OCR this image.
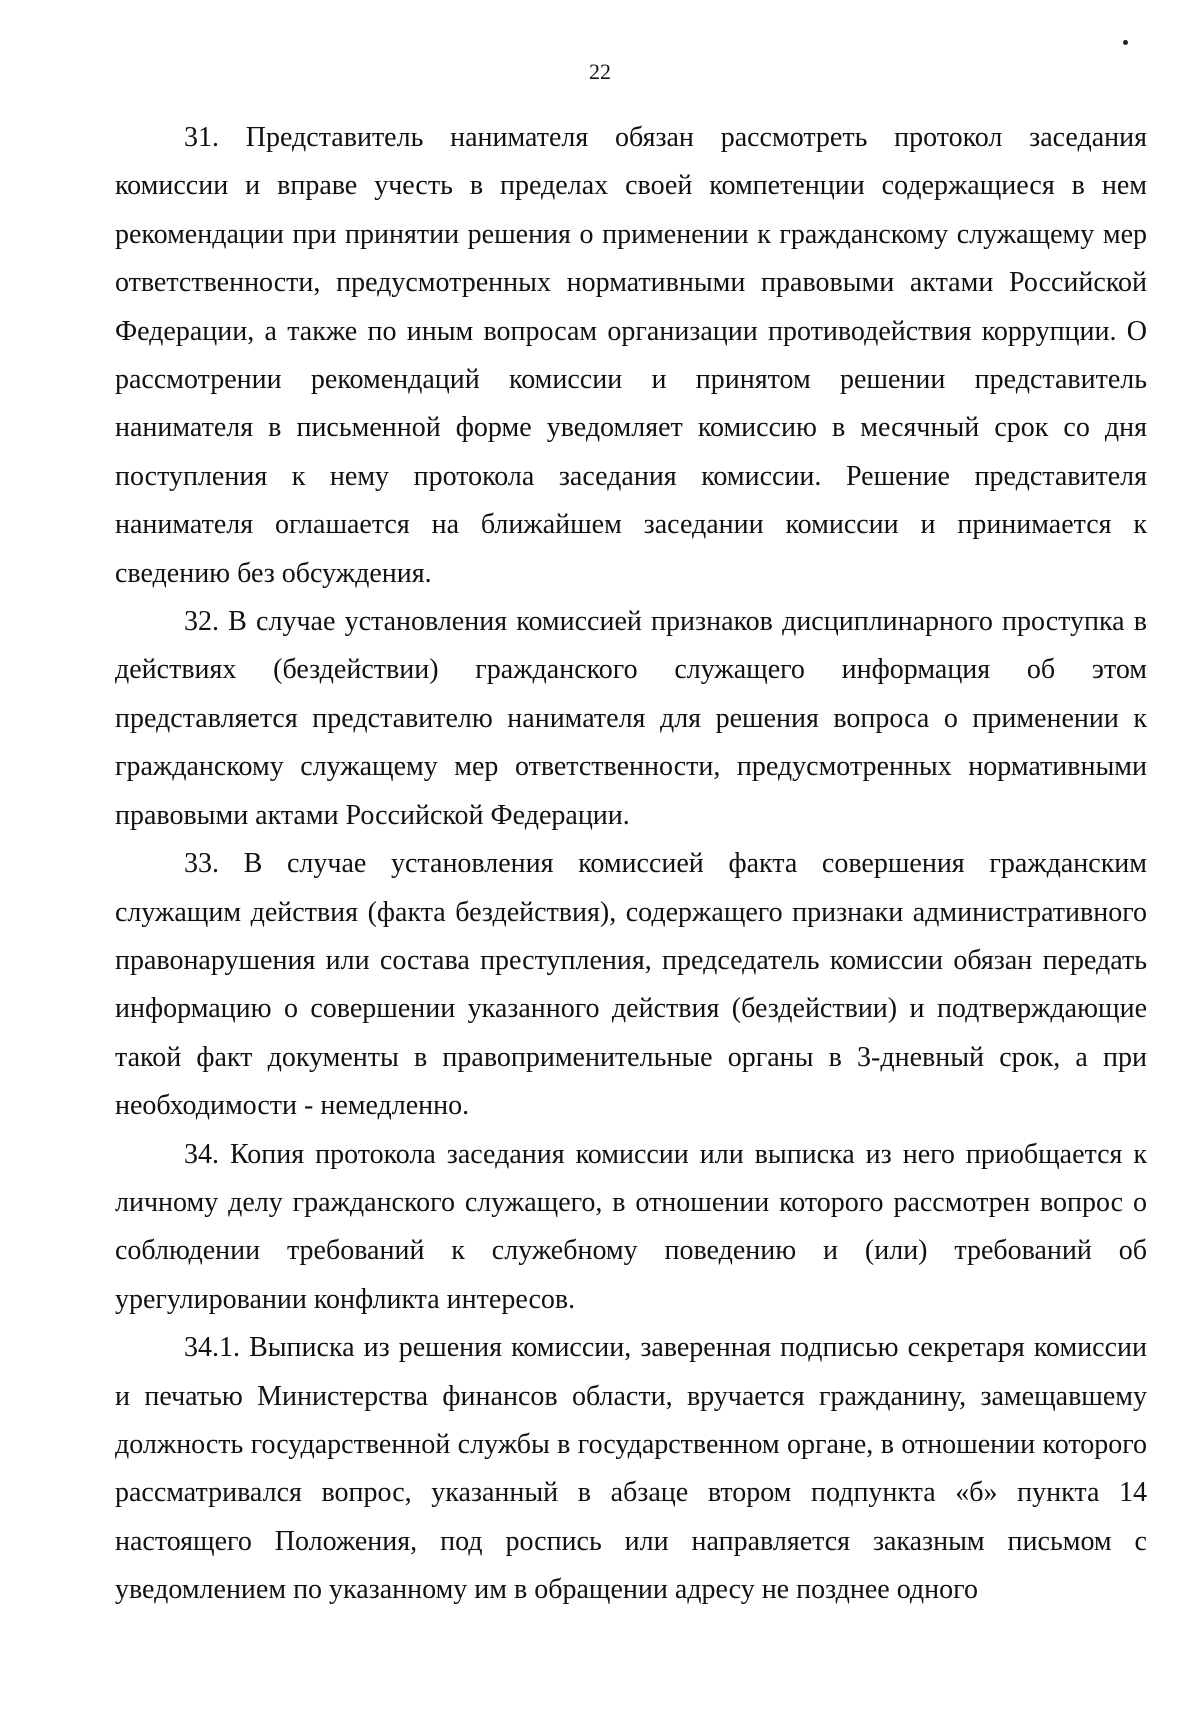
22

31. Представитель нанимателя обязан рассмотреть протокол заседания комиссии и вправе учесть в пределах своей компетенции содержащиеся в нем рекомендации при принятии решения о применении к гражданскому служащему мер ответственности, предусмотренных нормативными правовыми актами Российской Федерации, а также по иным вопросам организации противодействия коррупции. О рассмотрении рекомендаций комиссии и принятом решении представитель нанимателя в письменной форме уведомляет комиссию в месячный срок со дня поступления к нему протокола заседания комиссии. Решение представителя нанимателя оглашается на ближайшем заседании комиссии и принимается к сведению без обсуждения.

32. В случае установления комиссией признаков дисциплинарного проступка в действиях (бездействии) гражданского служащего информация об этом представляется представителю нанимателя для решения вопроса о применении к гражданскому служащему мер ответственности, предусмотренных нормативными правовыми актами Российской Федерации.

33. В случае установления комиссией факта совершения гражданским служащим действия (факта бездействия), содержащего признаки административного правонарушения или состава преступления, председатель комиссии обязан передать информацию о совершении указанного действия (бездействии) и подтверждающие такой факт документы в правоприменительные органы в 3-дневный срок, а при необходимости - немедленно.

34. Копия протокола заседания комиссии или выписка из него приобщается к личному делу гражданского служащего, в отношении которого рассмотрен вопрос о соблюдении требований к служебному поведению и (или) требований об урегулировании конфликта интересов.

34.1. Выписка из решения комиссии, заверенная подписью секретаря комиссии и печатью Министерства финансов области, вручается гражданину, замещавшему должность государственной службы в государственном органе, в отношении которого рассматривался вопрос, указанный в абзаце втором подпункта «б» пункта 14 настоящего Положения, под роспись или направляется заказным письмом с уведомлением по указанному им в обращении адресу не позднее одного
